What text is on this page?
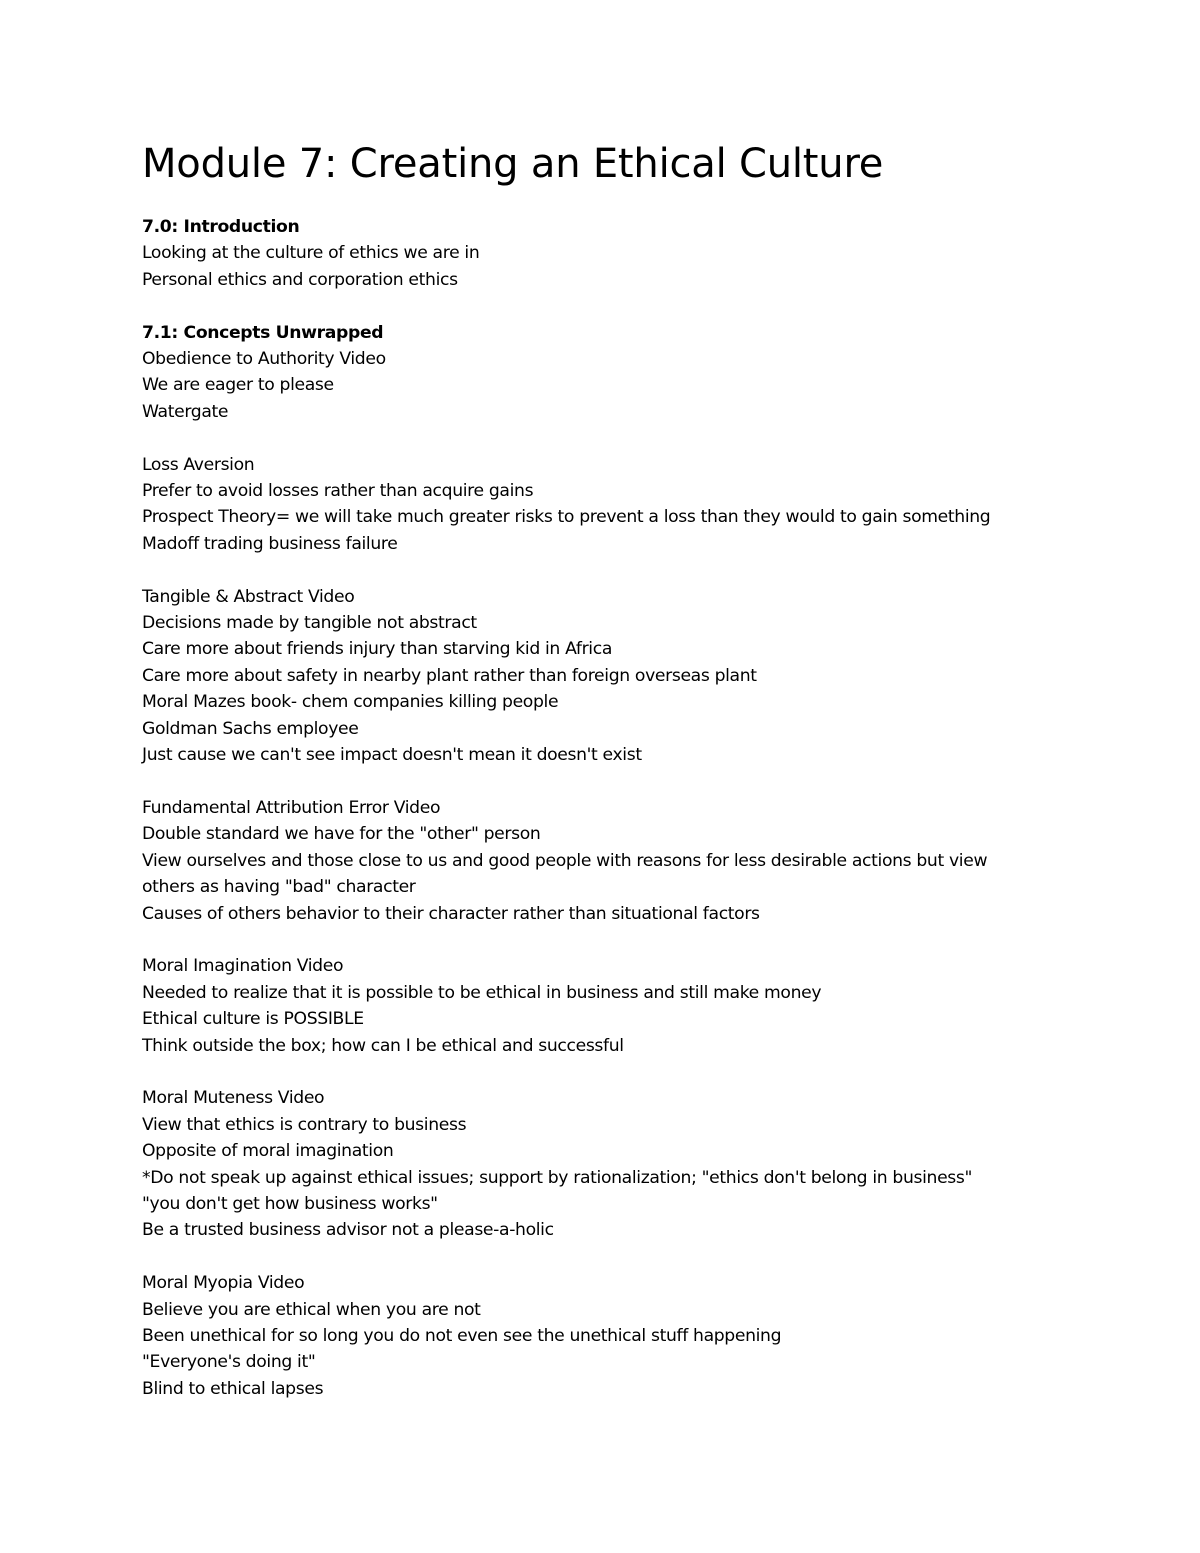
Module 7: Creating an Ethical Culture
7.0: Introduction
Looking at the culture of ethics we are in
Personal ethics and corporation ethics
7.1: Concepts Unwrapped
Obedience to Authority Video
We are eager to please
Watergate
Loss Aversion
Prefer to avoid losses rather than acquire gains
Prospect Theory= we will take much greater risks to prevent a loss than they would to gain something
Madoff trading business failure
Tangible & Abstract Video
Decisions made by tangible not abstract
Care more about friends injury than starving kid in Africa
Care more about safety in nearby plant rather than foreign overseas plant
Moral Mazes book- chem companies killing people
Goldman Sachs employee
Just cause we can't see impact doesn't mean it doesn't exist
Fundamental Attribution Error Video
Double standard we have for the "other" person
View ourselves and those close to us and good people with reasons for less desirable actions but view others as having "bad" character
Causes of others behavior to their character rather than situational factors
Moral Imagination Video
Needed to realize that it is possible to be ethical in business and still make money
Ethical culture is POSSIBLE
Think outside the box; how can I be ethical and successful
Moral Muteness Video
View that ethics is contrary to business
Opposite of moral imagination
*Do not speak up against ethical issues; support by rationalization; "ethics don't belong in business"
"you don't get how business works"
Be a trusted business advisor not a please-a-holic
Moral Myopia Video
Believe you are ethical when you are not
Been unethical for so long you do not even see the unethical stuff happening
"Everyone's doing it"
Blind to ethical lapses
